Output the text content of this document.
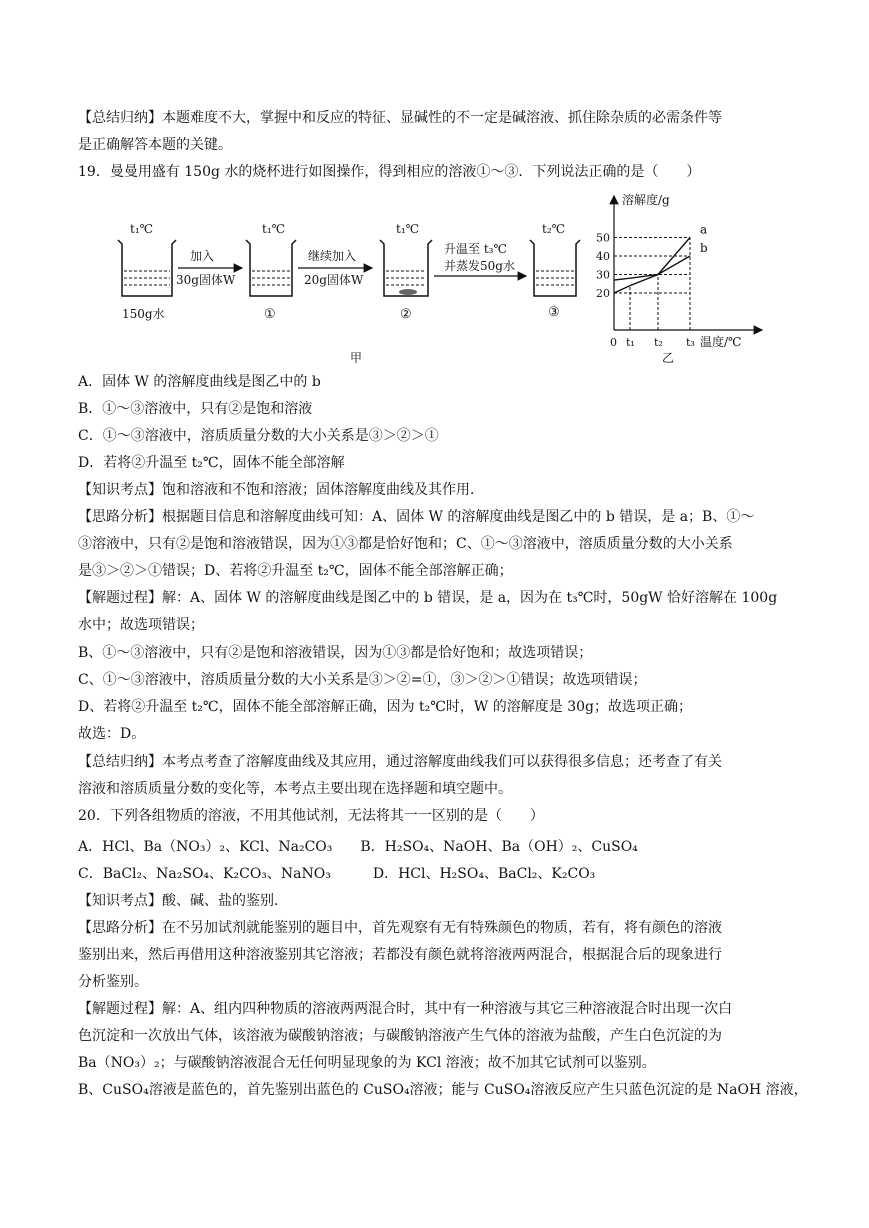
【总结归纳】本题难度不大，掌握中和反应的特征、显碱性的不一定是碱溶液、抓住除杂质的必需条件等
是正确解答本题的关键。
19．曼曼用盛有 150g 水的烧杯进行如图操作，得到相应的溶液①～③．下列说法正确的是（　　）
t₁℃
150g水
加入
30g固体W
t₁℃
①
继续加入
20g固体W
t₁℃
②
升温至 t₃℃
并蒸发50g水
t₂℃
③
甲
溶解度/g
温度/℃
乙
0 t₁ t₂ t₃
20
30
40
50
a
b
A．固体 W 的溶解度曲线是图乙中的 b
B．①～③溶液中，只有②是饱和溶液
C．①～③溶液中，溶质质量分数的大小关系是③＞②＞①
D．若将②升温至 t₂℃，固体不能全部溶解
【知识考点】饱和溶液和不饱和溶液；固体溶解度曲线及其作用．
【思路分析】根据题目信息和溶解度曲线可知：A、固体 W 的溶解度曲线是图乙中的 b 错误，是 a；B、①～
③溶液中，只有②是饱和溶液错误，因为①③都是恰好饱和；C、①～③溶液中，溶质质量分数的大小关系
是③＞②＞①错误；D、若将②升温至 t₂℃，固体不能全部溶解正确；
【解题过程】解：A、固体 W 的溶解度曲线是图乙中的 b 错误，是 a，因为在 t₃℃时，50gW 恰好溶解在 100g
水中；故选项错误；
B、①～③溶液中，只有②是饱和溶液错误，因为①③都是恰好饱和；故选项错误；
C、①～③溶液中，溶质质量分数的大小关系是③＞②=①，③＞②＞①错误；故选项错误；
D、若将②升温至 t₂℃，固体不能全部溶解正确，因为 t₂℃时，W 的溶解度是 30g；故选项正确；
故选：D。
【总结归纳】本考点考查了溶解度曲线及其应用，通过溶解度曲线我们可以获得很多信息；还考查了有关
溶液和溶质质量分数的变化等，本考点主要出现在选择题和填空题中。
20．下列各组物质的溶液，不用其他试剂，无法将其一一区别的是（　　）
A．HCl、Ba（NO₃）₂、KCl、Na₂CO₃　　B．H₂SO₄、NaOH、Ba（OH）₂、CuSO₄
C．BaCl₂、Na₂SO₄、K₂CO₃、NaNO₃　　　D．HCl、H₂SO₄、BaCl₂、K₂CO₃
【知识考点】酸、碱、盐的鉴别．
【思路分析】在不另加试剂就能鉴别的题目中，首先观察有无有特殊颜色的物质，若有，将有颜色的溶液
鉴别出来，然后再借用这种溶液鉴别其它溶液；若都没有颜色就将溶液两两混合，根据混合后的现象进行
分析鉴别。
【解题过程】解：A、组内四种物质的溶液两两混合时，其中有一种溶液与其它三种溶液混合时出现一次白
色沉淀和一次放出气体，该溶液为碳酸钠溶液；与碳酸钠溶液产生气体的溶液为盐酸，产生白色沉淀的为
Ba（NO₃）₂；与碳酸钠溶液混合无任何明显现象的为 KCl 溶液；故不加其它试剂可以鉴别。
B、CuSO₄溶液是蓝色的，首先鉴别出蓝色的 CuSO₄溶液；能与 CuSO₄溶液反应产生只蓝色沉淀的是 NaOH 溶液，
